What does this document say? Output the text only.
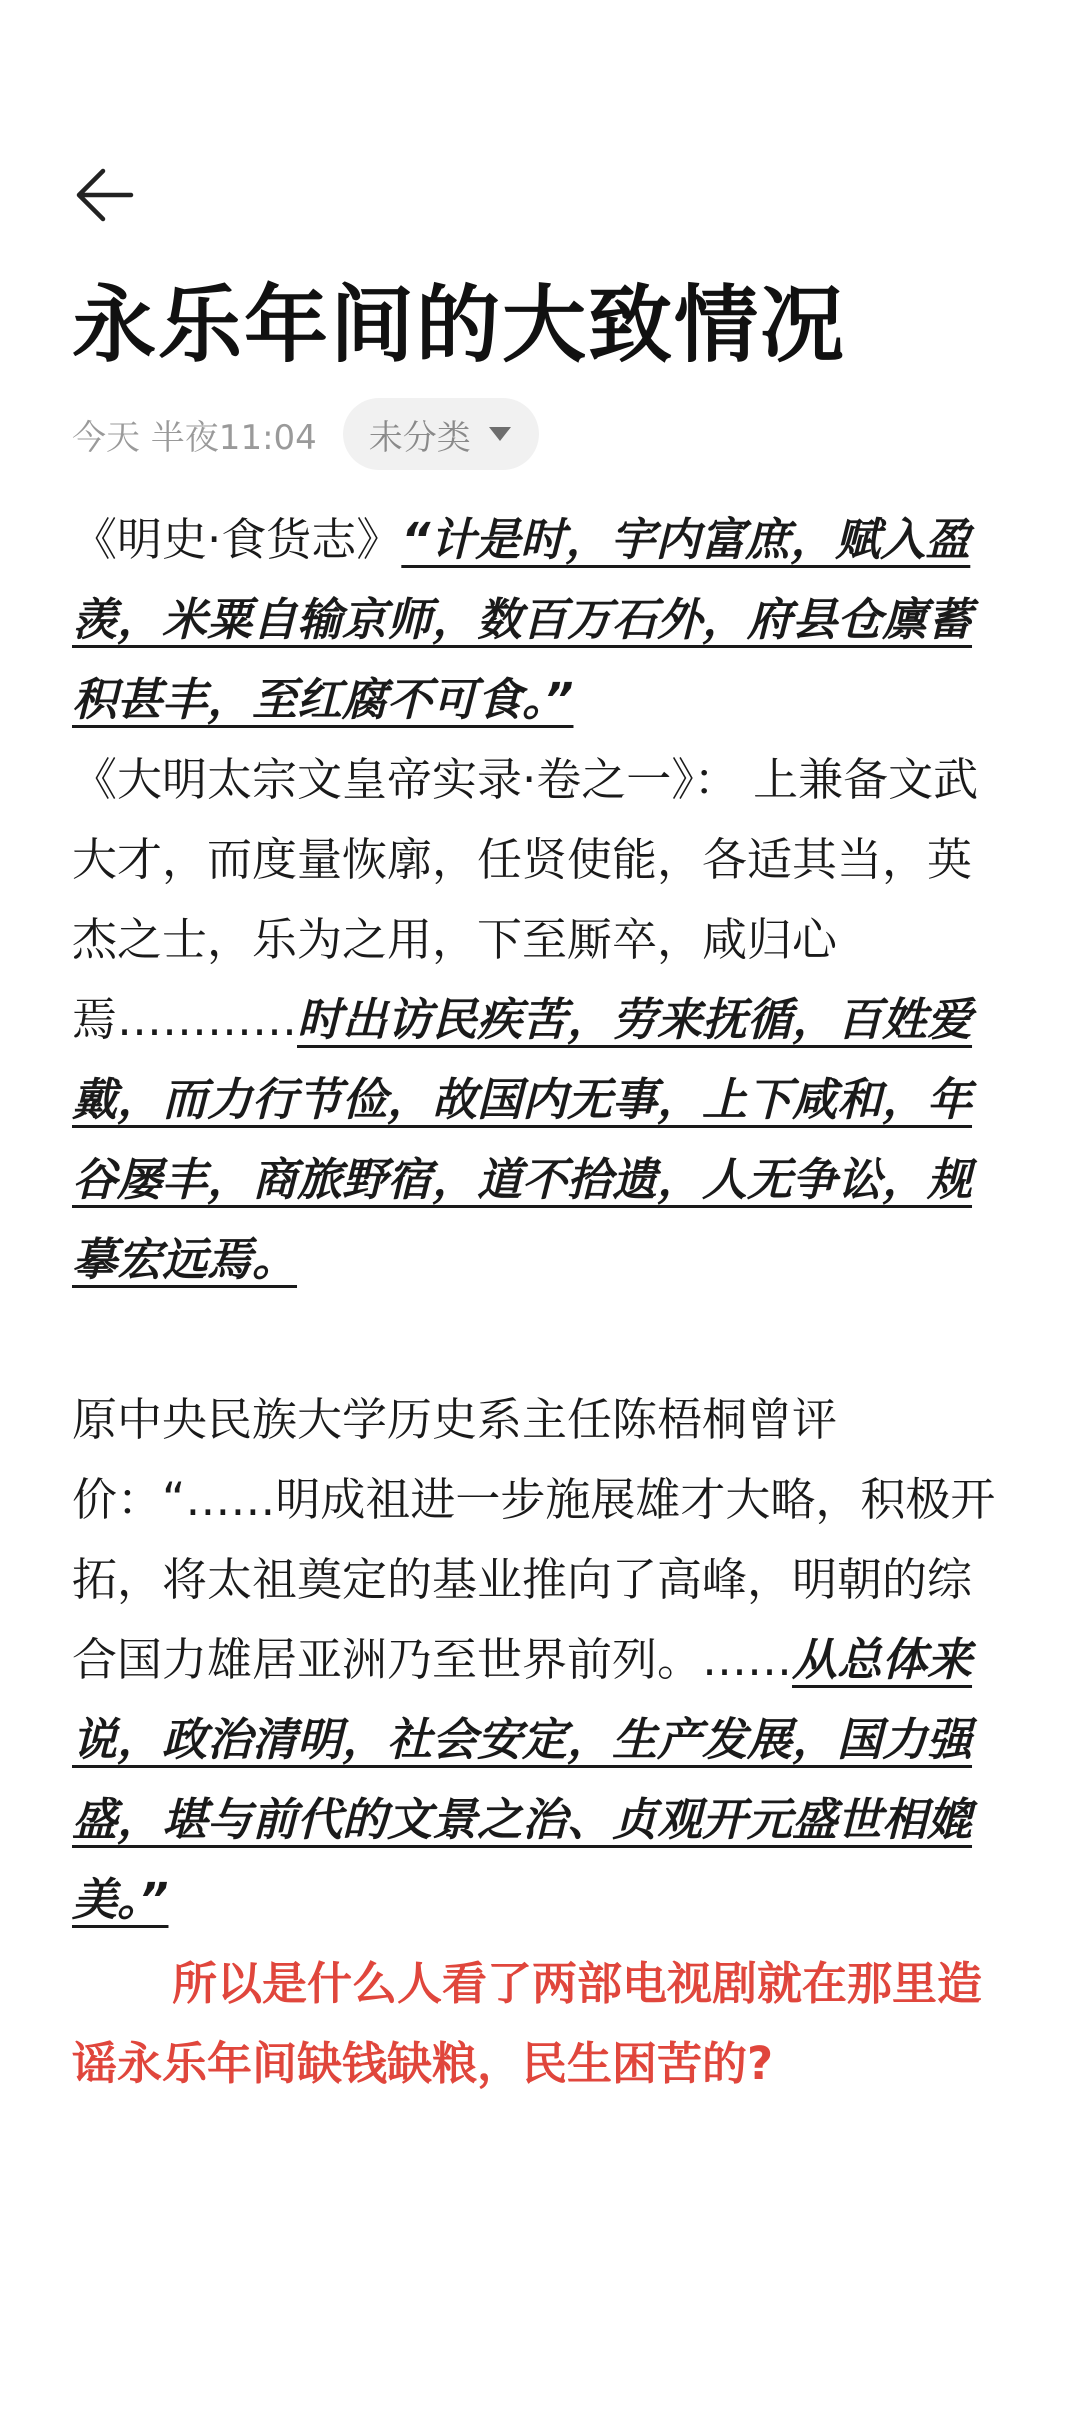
永乐年间的大致情况
今天 半夜11:04 未分类

《明史·食货志》“计是时，宇内富庶，赋入盈羡，米粟自输京师，数百万石外，府县仓廪蓄积甚丰，至红腐不可食。”

《大明太宗文皇帝实录·卷之一》： 上兼备文武大才，而度量恢廓，任贤使能，各适其当，英杰之士，乐为之用，下至厮卒，咸归心焉…………时出访民疾苦，劳来抚循，百姓爱戴，而力行节俭，故国内无事，上下咸和，年谷屡丰，商旅野宿，道不拾遗，人无争讼，规摹宏远焉。

原中央民族大学历史系主任陈梧桐曾评价：“……明成祖进一步施展雄才大略，积极开拓，将太祖奠定的基业推向了高峰，明朝的综合国力雄居亚洲乃至世界前列。……从总体来说，政治清明，社会安定，生产发展，国力强盛，堪与前代的文景之治、贞观开元盛世相媲美。”

所以是什么人看了两部电视剧就在那里造谣永乐年间缺钱缺粮，民生困苦的?
